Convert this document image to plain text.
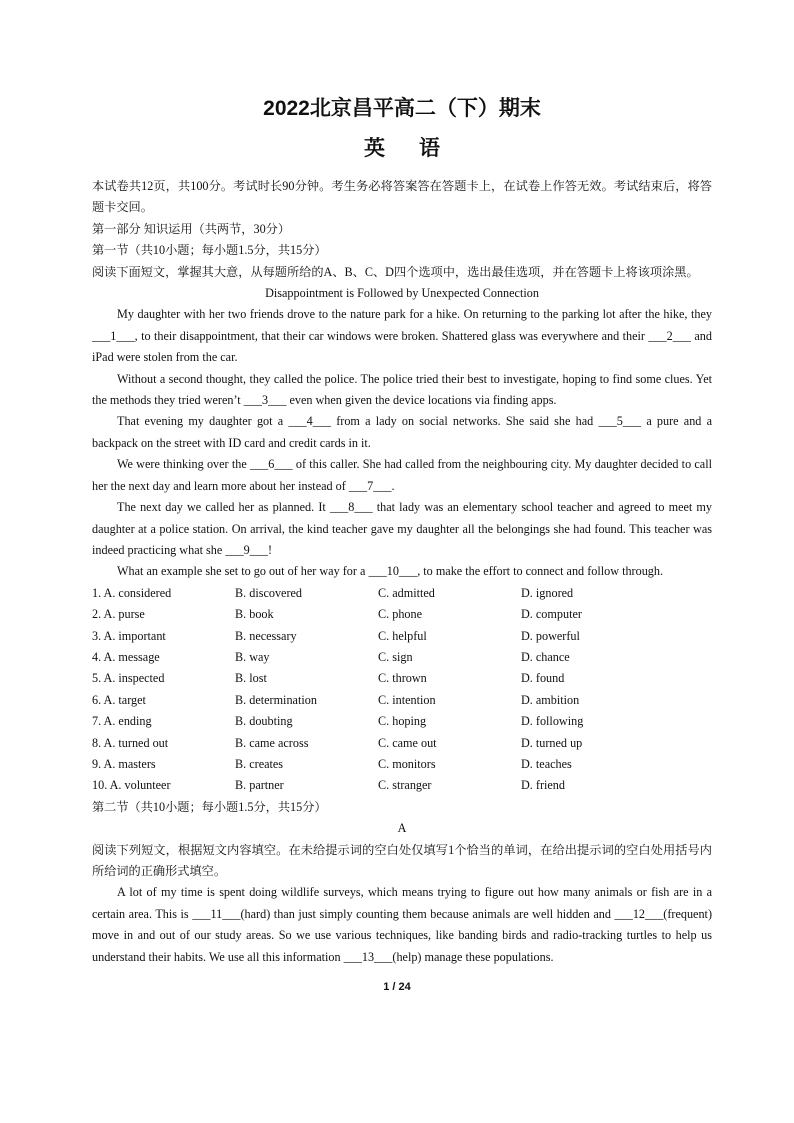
2022北京昌平高二（下）期末
英语

本试卷共12页，共100分。考试时长90分钟。考生务必将答案答在答题卡上，在试卷上作答无效。考试结束后，将答题卡交回。

第一部分 知识运用（共两节，30分）

第一节（共10小题；每小题1.5分，共15分）

阅读下面短文，掌握其大意，从每题所给的A、B、C、D四个选项中，选出最佳选项，并在答题卡上将该项涂黑。

Disappointment is Followed by Unexpected Connection

My daughter with her two friends drove to the nature park for a hike. On returning to the parking lot after the hike, they ___1___, to their disappointment, that their car windows were broken. Shattered glass was everywhere and their ___2___ and iPad were stolen from the car.

Without a second thought, they called the police. The police tried their best to investigate, hoping to find some clues. Yet the methods they tried weren’t ___3___ even when given the device locations via finding apps.

That evening my daughter got a ___4___ from a lady on social networks. She said she had ___5___ a pure and a backpack on the street with ID card and credit cards in it.

We were thinking over the ___6___ of this caller. She had called from the neighbouring city. My daughter decided to call her the next day and learn more about her instead of ___7___.

The next day we called her as planned. It ___8___ that lady was an elementary school teacher and agreed to meet my daughter at a police station. On arrival, the kind teacher gave my daughter all the belongings she had found. This teacher was indeed practicing what she ___9___!

What an example she set to go out of her way for a ___10___, to make the effort to connect and follow through.

1. A. considered	B. discovered	C. admitted	D. ignored
2. A. purse	B. book	C. phone	D. computer
3. A. important	B. necessary	C. helpful	D. powerful
4. A. message	B. way	C. sign	D. chance
5. A. inspected	B. lost	C. thrown	D. found
6. A. target	B. determination	C. intention	D. ambition
7. A. ending	B. doubting	C. hoping	D. following
8. A. turned out	B. came across	C. came out	D. turned up
9. A. masters	B. creates	C. monitors	D. teaches
10. A. volunteer	B. partner	C. stranger	D. friend

第二节（共10小题；每小题1.5分，共15分）

A

阅读下列短文，根据短文内容填空。在未给提示词的空白处仅填写1个恰当的单词，在给出提示词的空白处用括号内所给词的正确形式填空。

A lot of my time is spent doing wildlife surveys, which means trying to figure out how many animals or fish are in a certain area. This is ___11___(hard) than just simply counting them because animals are well hidden and ___12___(frequent) move in and out of our study areas. So we use various techniques, like banding birds and radio-tracking turtles to help us understand their habits. We use all this information ___13___(help) manage these populations.

1 / 24
